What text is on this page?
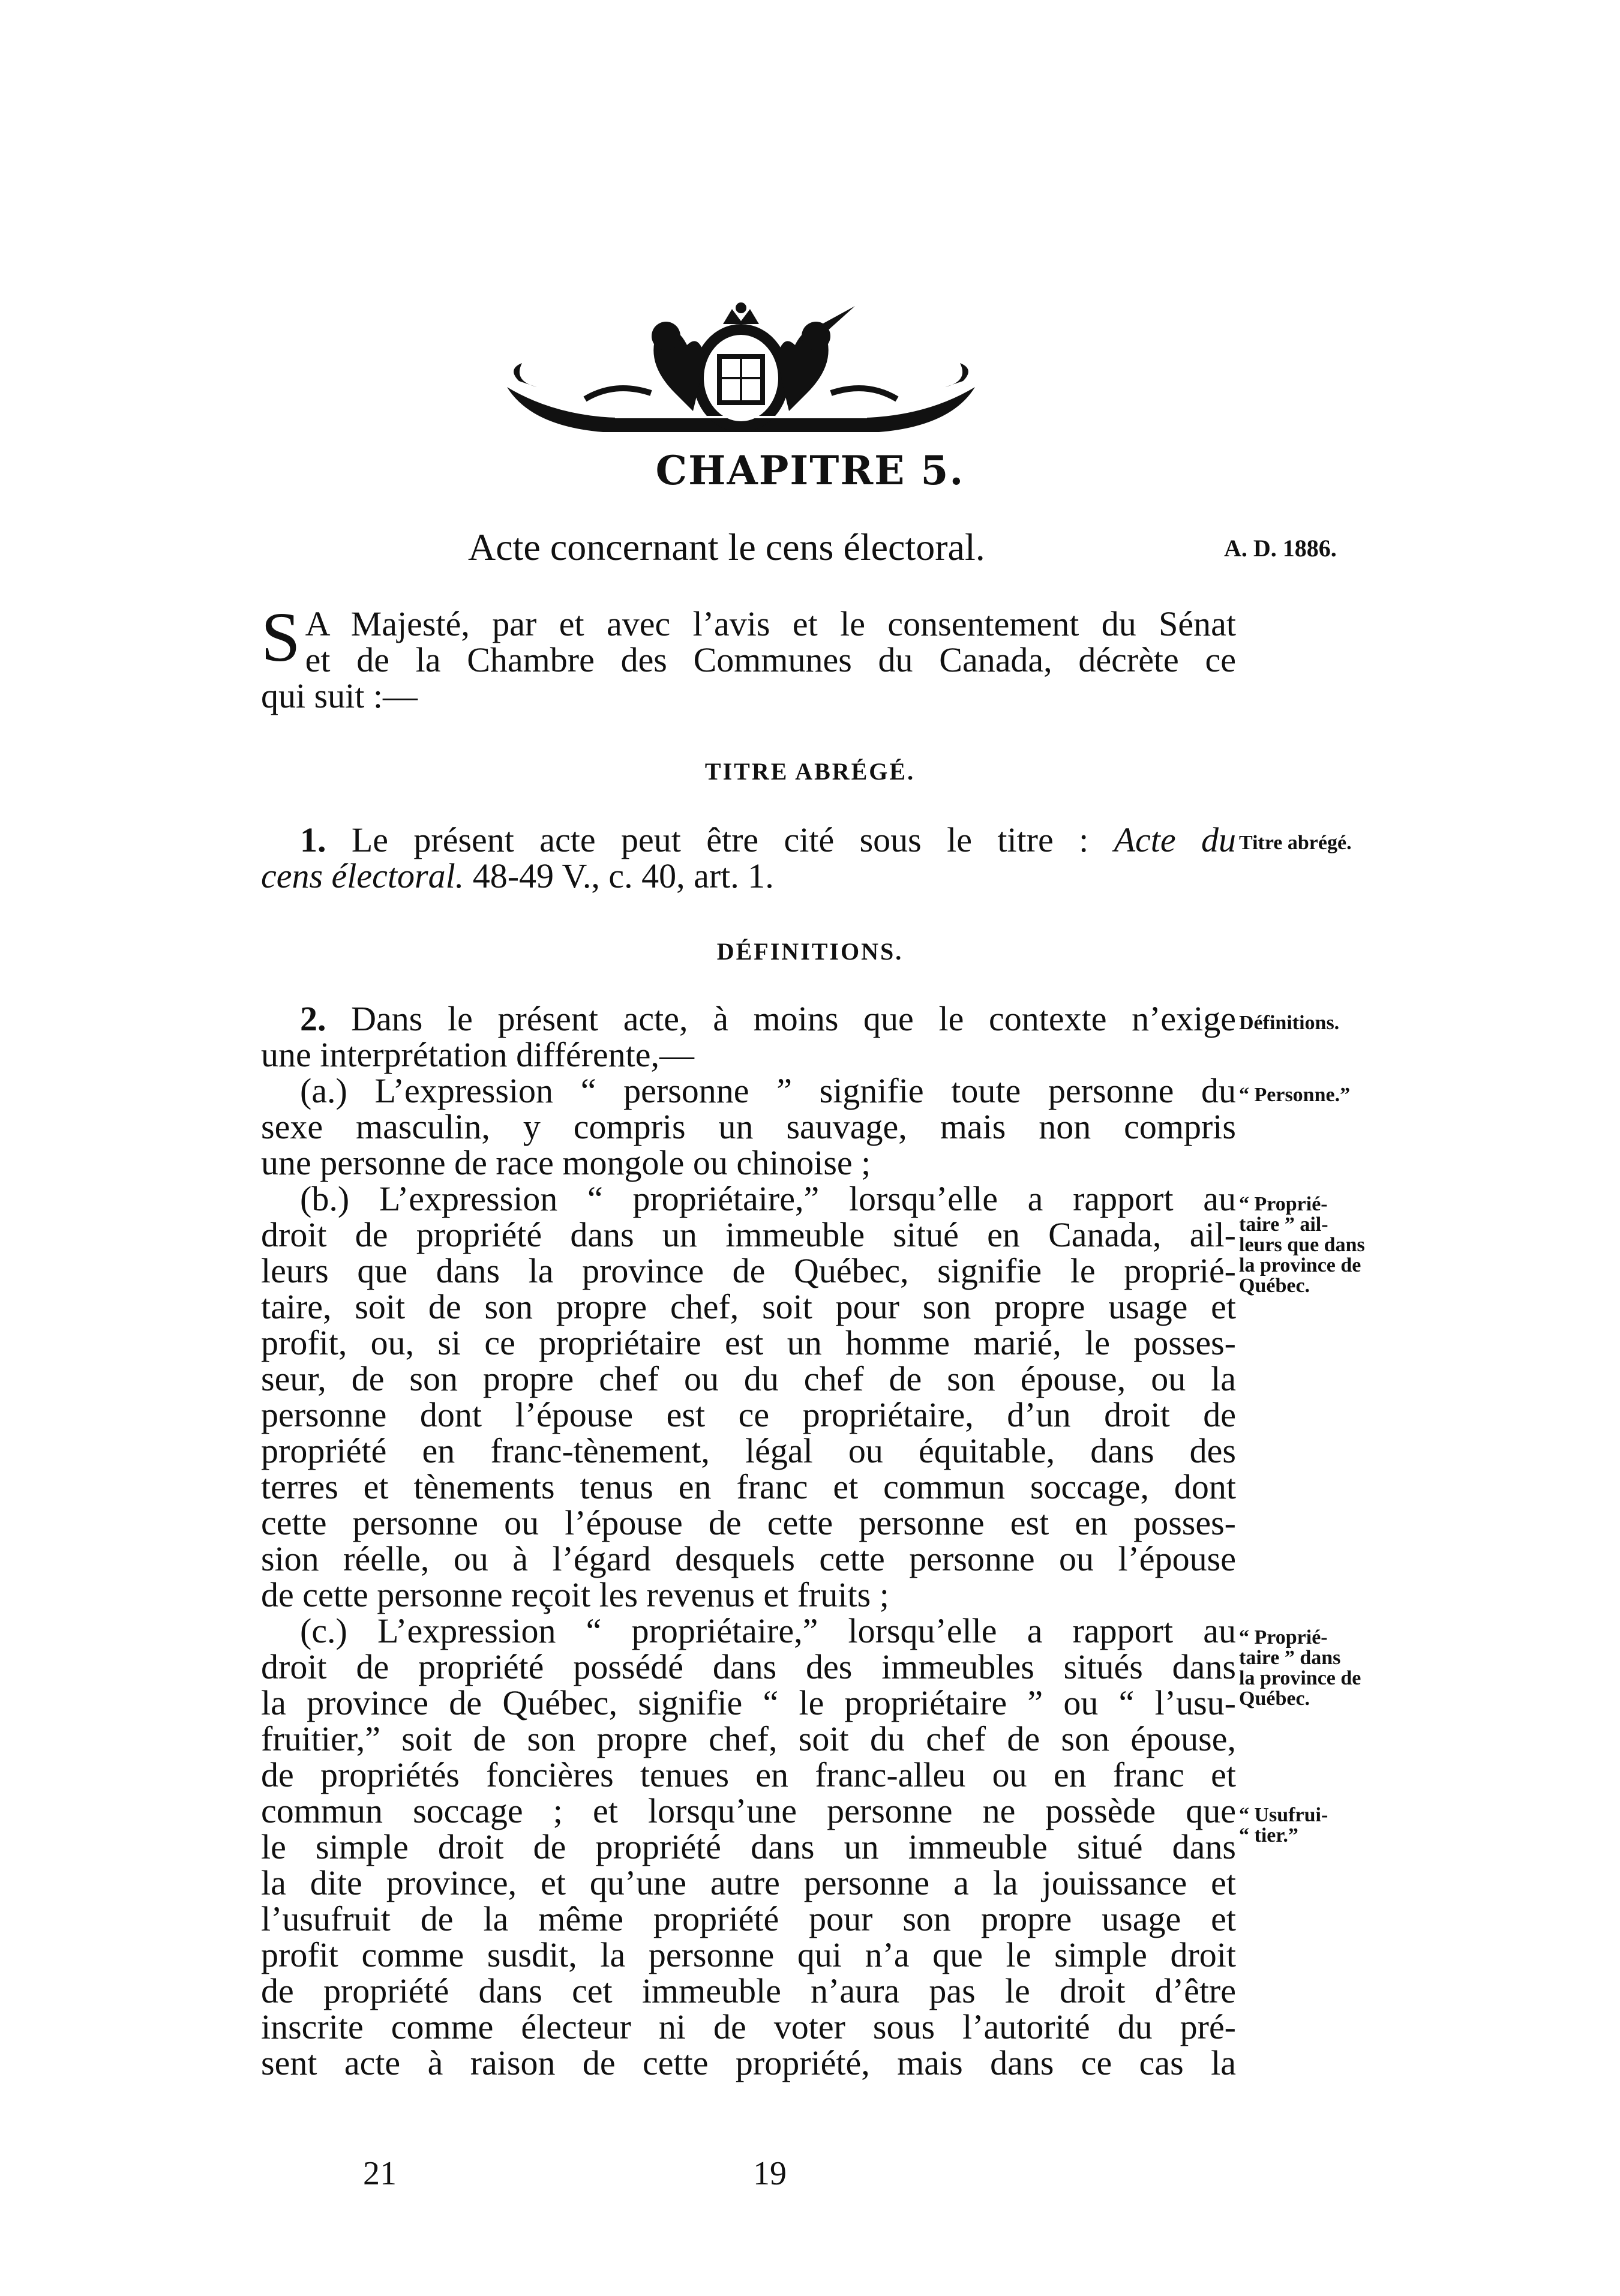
CHAPITRE 5.
Acte concernant le cens électoral.	A. D. 1886.
S A Majesté, par et avec l’avis et le consentement du Sénat
et de la Chambre des Communes du Canada, décrète ce
qui suit :—
TITRE ABRÉGÉ.
1. Le présent acte peut être cité sous le titre : Acte du
cens électoral. 48-49 V., c. 40, art. 1.
Titre abrégé.
DÉFINITIONS.
2. Dans le présent acte, à moins que le contexte n’exige
une interprétation différente,—
(a.) L’expression “ personne ” signifie toute personne du
sexe masculin, y compris un sauvage, mais non compris
une personne de race mongole ou chinoise ;
(b.) L’expression “ propriétaire,” lorsqu’elle a rapport au
droit de propriété dans un immeuble situé en Canada, ail-
leurs que dans la province de Québec, signifie le proprié-
taire, soit de son propre chef, soit pour son propre usage et
profit, ou, si ce propriétaire est un homme marié, le posses-
seur, de son propre chef ou du chef de son épouse, ou la
personne dont l’épouse est ce propriétaire, d’un droit de
propriété en franc-tènement, légal ou équitable, dans des
terres et tènements tenus en franc et commun soccage, dont
cette personne ou l’épouse de cette personne est en posses-
sion réelle, ou à l’égard desquels cette personne ou l’épouse
de cette personne reçoit les revenus et fruits ;
(c.) L’expression “ propriétaire,” lorsqu’elle a rapport au
droit de propriété possédé dans des immeubles situés dans
la province de Québec, signifie “ le propriétaire ” ou “ l’usu-
fruitier,” soit de son propre chef, soit du chef de son épouse,
de propriétés foncières tenues en franc-alleu ou en franc et
commun soccage ; et lorsqu’une personne ne possède que
le simple droit de propriété dans un immeuble situé dans
la dite province, et qu’une autre personne a la jouissance et
l’usufruit de la même propriété pour son propre usage et
profit comme susdit, la personne qui n’a que le simple droit
de propriété dans cet immeuble n’aura pas le droit d’être
inscrite comme électeur ni de voter sous l’autorité du pré-
sent acte à raison de cette propriété, mais dans ce cas la
Définitions.
“ Personne.”
“ Proprié-
taire ” ail-
leurs que dans
la province de
Québec.
“ Proprié-
taire ” dans
la province de
Québec.
“ Usufrui-
“ tier.”
21	19
